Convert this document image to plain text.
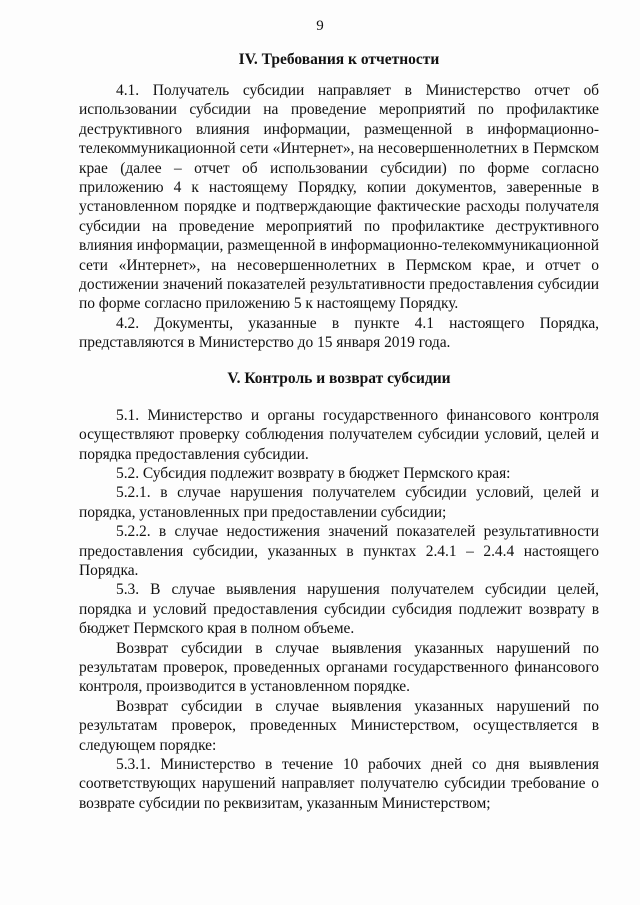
9
IV. Требования к отчетности

4.1. Получатель субсидии направляет в Министерство отчет об использовании субсидии на проведение мероприятий по профилактике деструктивного влияния информации, размещенной в информационно-телекоммуникационной сети «Интернет», на несовершеннолетних в Пермском крае (далее – отчет об использовании субсидии) по форме согласно приложению 4 к настоящему Порядку, копии документов, заверенные в установленном порядке и подтверждающие фактические расходы получателя субсидии на проведение мероприятий по профилактике деструктивного влияния информации, размещенной в информационно-телекоммуникационной сети «Интернет», на несовершеннолетних в Пермском крае, и отчет о достижении значений показателей результативности предоставления субсидии по форме согласно приложению 5 к настоящему Порядку.

4.2. Документы, указанные в пункте 4.1 настоящего Порядка, представляются в Министерство до 15 января 2019 года.

V. Контроль и возврат субсидии

5.1. Министерство и органы государственного финансового контроля осуществляют проверку соблюдения получателем субсидии условий, целей и порядка предоставления субсидии.

5.2. Субсидия подлежит возврату в бюджет Пермского края:

5.2.1. в случае нарушения получателем субсидии условий, целей и порядка, установленных при предоставлении субсидии;

5.2.2. в случае недостижения значений показателей результативности предоставления субсидии, указанных в пунктах 2.4.1 – 2.4.4 настоящего Порядка.

5.3. В случае выявления нарушения получателем субсидии целей, порядка и условий предоставления субсидии субсидия подлежит возврату в бюджет Пермского края в полном объеме.

Возврат субсидии в случае выявления указанных нарушений по результатам проверок, проведенных органами государственного финансового контроля, производится в установленном порядке.

Возврат субсидии в случае выявления указанных нарушений по результатам проверок, проведенных Министерством, осуществляется в следующем порядке:

5.3.1. Министерство в течение 10 рабочих дней со дня выявления соответствующих нарушений направляет получателю субсидии требование о возврате субсидии по реквизитам, указанным Министерством;
